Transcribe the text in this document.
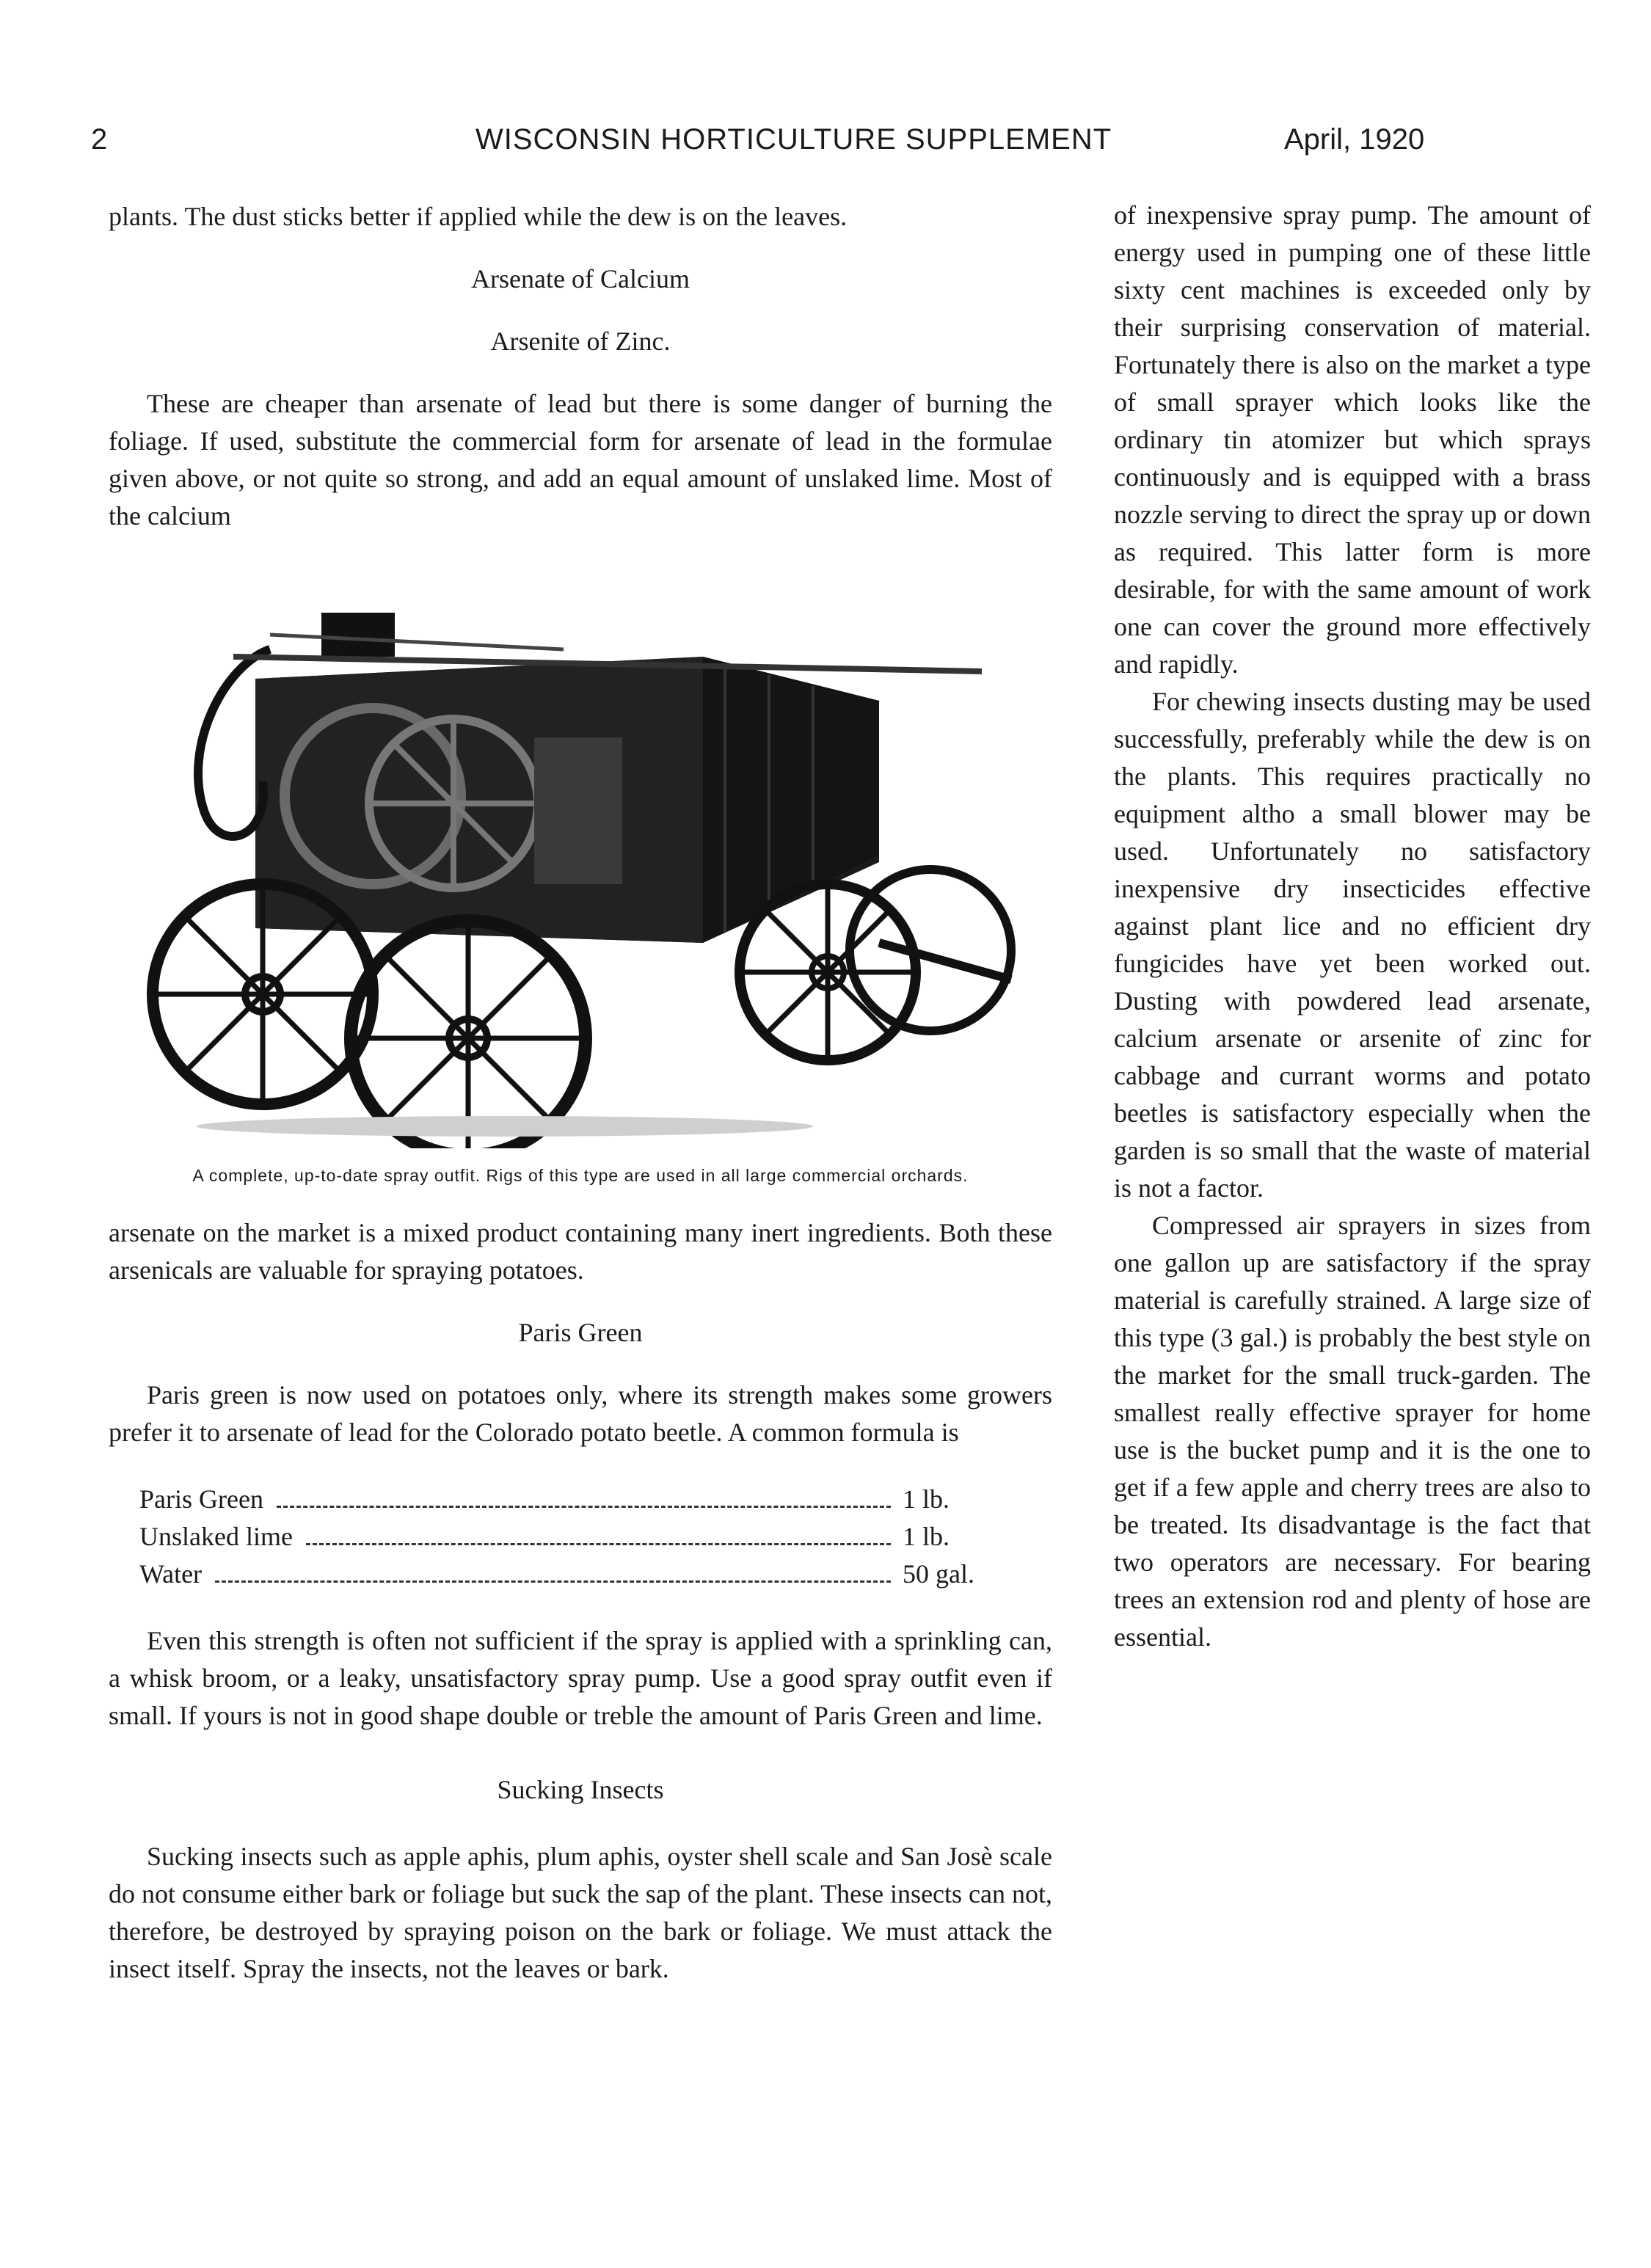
2	WISCONSIN HORTICULTURE SUPPLEMENT	April, 1920

plants. The dust sticks better if applied while the dew is on the leaves.

Arsenate of Calcium
Arsenite of Zinc.

These are cheaper than arsenate of lead but there is some danger of burning the foliage. If used, substitute the commercial form for arsenate of lead in the formulae given above, or not quite so strong, and add an equal amount of unslaked lime. Most of the calcium

A complete, up-to-date spray outfit. Rigs of this type are used in all large commercial orchards.

arsenate on the market is a mixed product containing many inert ingredients. Both these arsenicals are valuable for spraying potatoes.

Paris Green

Paris green is now used on potatoes only, where its strength makes some growers prefer it to arsenate of lead for the Colorado potato beetle. A common formula is

Paris Green	1 lb.
Unslaked lime	1 lb.
Water	50 gal.

Even this strength is often not sufficient if the spray is applied with a sprinkling can, a whisk broom, or a leaky, unsatisfactory spray pump. Use a good spray outfit even if small. If yours is not in good shape double or treble the amount of Paris Green and lime.

Sucking Insects

Sucking insects such as apple aphis, plum aphis, oyster shell scale and San Josè scale do not consume either bark or foliage but suck the sap of the plant. These insects can not, therefore, be destroyed by spraying poison on the bark or foliage. We must attack the insect itself. Spray the insects, not the leaves or bark.

of inexpensive spray pump. The amount of energy used in pumping one of these little sixty cent machines is exceeded only by their surprising conservation of material. Fortunately there is also on the market a type of small sprayer which looks like the ordinary tin atomizer but which sprays continuously and is equipped with a brass nozzle serving to direct the spray up or down as required. This latter form is more desirable, for with the same amount of work one can cover the ground more effectively and rapidly.

For chewing insects dusting may be used successfully, preferably while the dew is on the plants. This requires practically no equipment altho a small blower may be used. Unfortunately no satisfactory inexpensive dry insecticides effective against plant lice and no efficient dry fungicides have yet been worked out. Dusting with powdered lead arsenate, calcium arsenate or arsenite of zinc for cabbage and currant worms and potato beetles is satisfactory especially when the garden is so small that the waste of material is not a factor.

Compressed air sprayers in sizes from one gallon up are satisfactory if the spray material is carefully strained. A large size of this type (3 gal.) is probably the best style on the market for the small truck-garden. The smallest really effective sprayer for home use is the bucket pump and it is the one to get if a few apple and cherry trees are also to be treated. Its disadvantage is the fact that two operators are necessary. For bearing trees an extension rod and plenty of hose are essential.
